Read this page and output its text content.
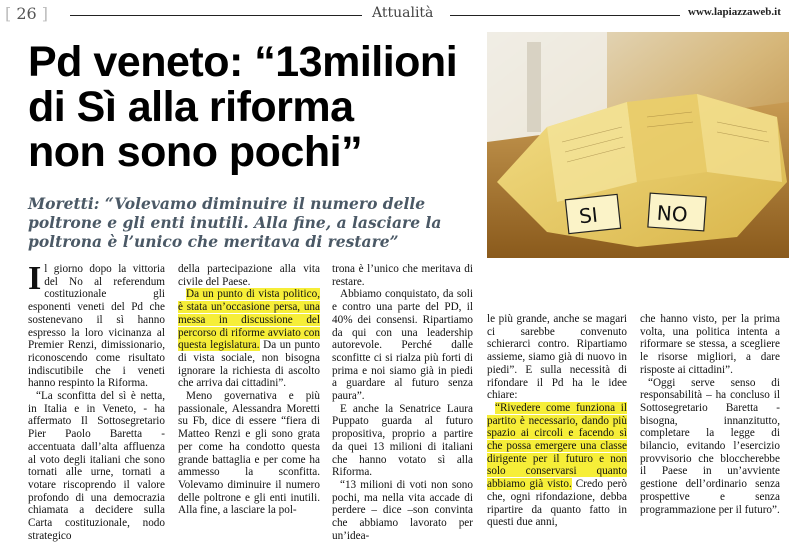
[ 26 ]	Attualità	www.lapiazzaweb.it
Pd veneto: “13milioni
di Sì alla riforma
non sono pochi”
Moretti: “Volevamo diminuire il numero delle poltrone e gli enti inutili. Alla fine, a lasciare la poltrona è l’unico che meritava di restare”
SI	NO

Il giorno dopo la vittoria del No al referendum costituzionale gli esponenti veneti del Pd che sostenevano il sì hanno espresso la loro vicinanza al Premier Renzi, dimissionario, riconoscendo come risultato indiscutibile che i veneti hanno respinto la Riforma.

“La sconfitta del sì è netta, in Italia e in Veneto, - ha affermato Il Sottosegretario Pier Paolo Baretta - accentuata dall’alta affluenza al voto degli italiani che sono tornati alle urne, tornati a votare riscoprendo il valore profondo di una democrazia chiamata a decidere sulla Carta costituzionale, nodo strategico

della partecipazione alla vita civile del Paese.

Da un punto di vista politico, è stata un’occasione persa, una messa in discussione del percorso di riforme avviato con questa legislatura. Da un punto di vista sociale, non bisogna ignorare la richiesta di ascolto che arriva dai cittadini”.

Meno governativa e più passionale, Alessandra Moretti su Fb, dice di essere “fiera di Matteo Renzi e gli sono grata per come ha condotto questa grande battaglia e per come ha ammesso la sconfitta. Volevamo diminuire il numero delle poltrone e gli enti inutili. Alla fine, a lasciare la pol-

trona è l’unico che meritava di restare.

Abbiamo conquistato, da soli e contro una parte del PD, il 40% dei consensi. Ripartiamo da qui con una leadership autorevole. Perché dalle sconfitte ci si rialza più forti di prima e noi siamo già in piedi a guardare al futuro senza paura”.

E anche la Senatrice Laura Puppato guarda al futuro propositiva, proprio a partire da quei 13 milioni di italiani che hanno votato sì alla Riforma.

“13 milioni di voti non sono pochi, ma nella vita accade di perdere – dice –son convinta che abbiamo lavorato per un’idea-

le più grande, anche se magari ci sarebbe convenuto schierarci contro. Ripartiamo assieme, siamo già di nuovo in piedi”. E sulla necessità di rifondare il Pd ha le idee chiare:

“Rivedere come funziona il partito è necessario, dando più spazio ai circoli e facendo sì che possa emergere una classe dirigente per il futuro e non solo conservarsi quanto abbiamo già visto. Credo però che, ogni rifondazione, debba ripartire da quanto fatto in questi due anni,

che hanno visto, per la prima volta, una politica intenta a riformare se stessa, a scegliere le risorse migliori, a dare risposte ai cittadini”.

“Oggi serve senso di responsabilità – ha concluso il Sottosegretario Baretta - bisogna, innanzitutto, completare la legge di bilancio, evitando l’esercizio provvisorio che bloccherebbe il Paese in un’avviente gestione dell’ordinario senza prospettive e senza programmazione per il futuro”.
